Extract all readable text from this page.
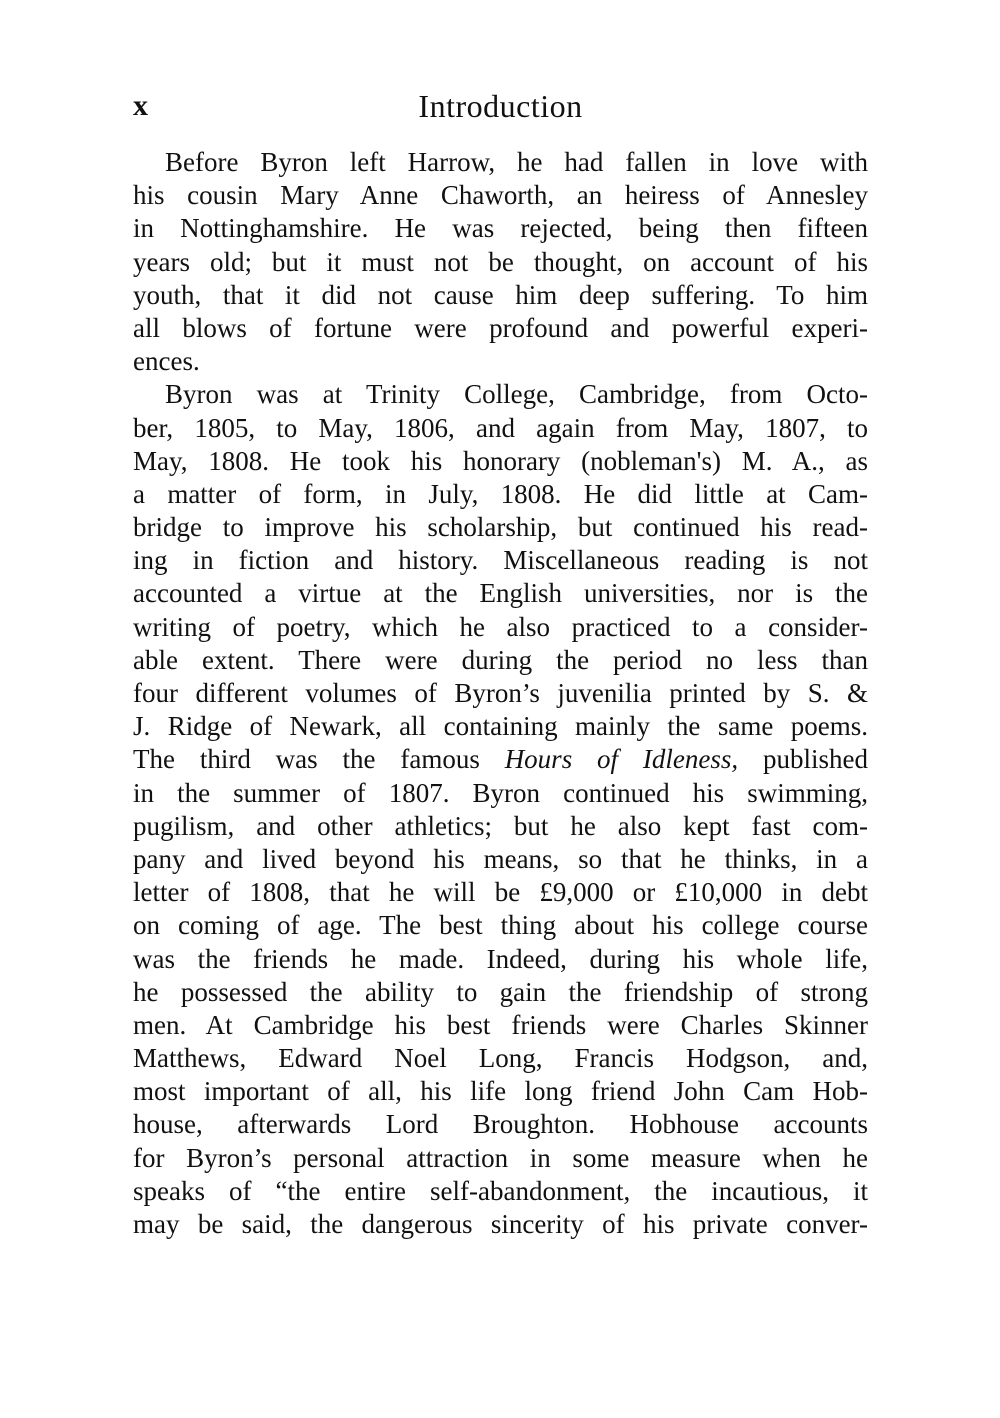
x	Introduction
Before Byron left Harrow, he had fallen in love with
his cousin Mary Anne Chaworth, an heiress of Annesley
in Nottinghamshire. He was rejected, being then fifteen
years old; but it must not be thought, on account of his
youth, that it did not cause him deep suffering. To him
all blows of fortune were profound and powerful experi-
ences.
Byron was at Trinity College, Cambridge, from Octo-
ber, 1805, to May, 1806, and again from May, 1807, to
May, 1808. He took his honorary (nobleman's) M. A., as
a matter of form, in July, 1808. He did little at Cam-
bridge to improve his scholarship, but continued his read-
ing in fiction and history. Miscellaneous reading is not
accounted a virtue at the English universities, nor is the
writing of poetry, which he also practiced to a consider-
able extent. There were during the period no less than
four different volumes of Byron’s juvenilia printed by S. &
J. Ridge of Newark, all containing mainly the same poems.
The third was the famous Hours of Idleness, published
in the summer of 1807. Byron continued his swimming,
pugilism, and other athletics; but he also kept fast com-
pany and lived beyond his means, so that he thinks, in a
letter of 1808, that he will be £9,000 or £10,000 in debt
on coming of age. The best thing about his college course
was the friends he made. Indeed, during his whole life,
he possessed the ability to gain the friendship of strong
men. At Cambridge his best friends were Charles Skinner
Matthews, Edward Noel Long, Francis Hodgson, and,
most important of all, his life long friend John Cam Hob-
house, afterwards Lord Broughton. Hobhouse accounts
for Byron’s personal attraction in some measure when he
speaks of “the entire self-abandonment, the incautious, it
may be said, the dangerous sincerity of his private conver-
